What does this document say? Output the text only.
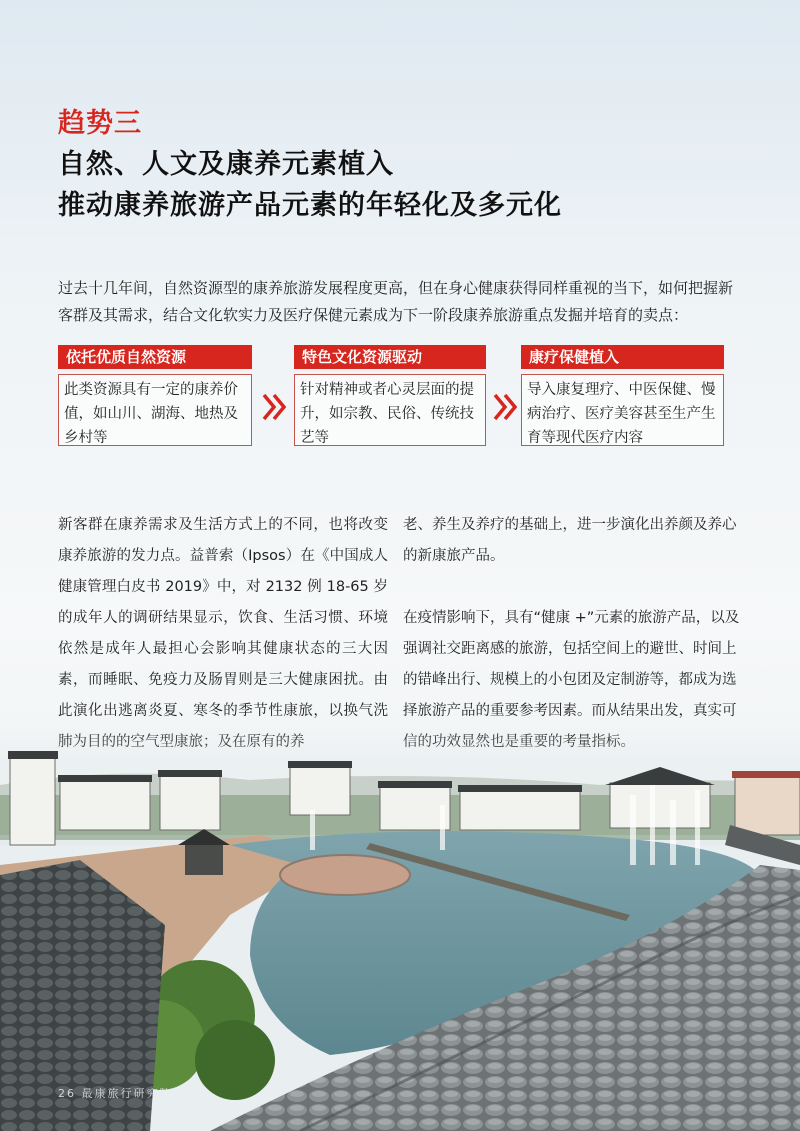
趋势三
自然、人文及康养元素植入
推动康养旅游产品元素的年轻化及多元化
过去十几年间，自然资源型的康养旅游发展程度更高，但在身心健康获得同样重视的当下，如何把握新客群及其需求，结合文化软实力及医疗保健元素成为下一阶段康养旅游重点发掘并培育的卖点：
依托优质自然资源
此类资源具有一定的康养价值，如山川、湖海、地热及乡村等
特色文化资源驱动
针对精神或者心灵层面的提升，如宗教、民俗、传统技艺等
康疗保健植入
导入康复理疗、中医保健、慢病治疗、医疗美容甚至生产生育等现代医疗内容

新客群在康养需求及生活方式上的不同，也将改变康养旅游的发力点。益普索（Ipsos）在《中国成人健康管理白皮书 2019》中，对 2132 例 18-65 岁的成年人的调研结果显示，饮食、生活习惯、环境依然是成年人最担心会影响其健康状态的三大因素，而睡眠、免疫力及肠胃则是三大健康困扰。由此演化出逃离炎夏、寒冬的季节性康旅，以换气洗

老、养生及养疗的基础上，进一步演化出养颜及养心的新康旅产品。

在疫情影响下，具有“健康 +”元素的旅游产品，以及强调社交距离感的旅游，包括空间上的避世、时间上的错峰出行、规模上的小包团及定制游等，都成为选择旅游产品的重要参考因素。而从结果出发，真实可

26 最康旅行研究院
